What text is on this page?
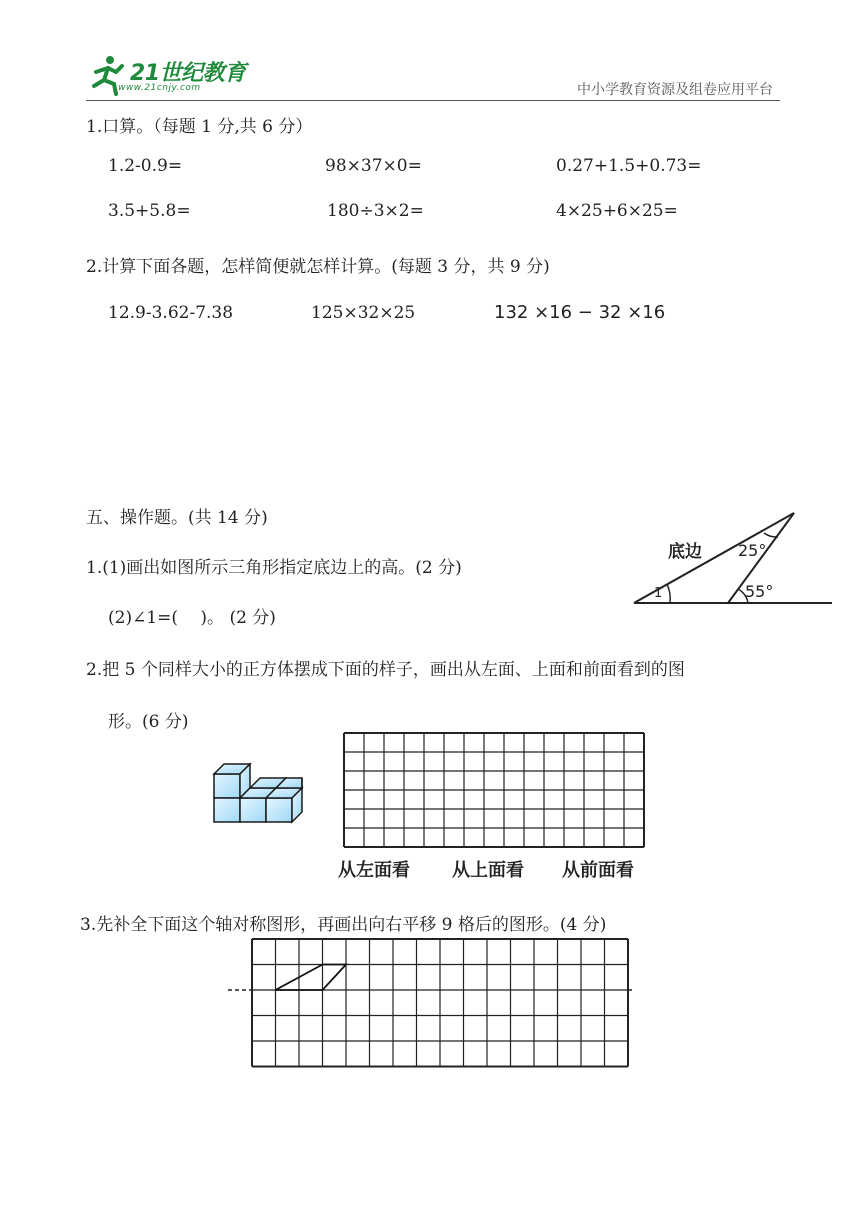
21世纪教育
www.21cnjy.com	中小学教育资源及组卷应用平台
1.口算。（每题 1 分,共 6 分）
1.2-0.9=	98×37×0=	0.27+1.5+0.73=
3.5+5.8=	180÷3×2=	4×25+6×25=
2.计算下面各题，怎样简便就怎样计算。(每题 3 分，共 9 分)
12.9-3.62-7.38	125×32×25	132 ×16 − 32 ×16
五、操作题。(共 14 分)
1.(1)画出如图所示三角形指定底边上的高。(2 分)
(2)∠1=(　 )。 (2 分)
底边 25°
55°
1
2.把 5 个同样大小的正方体摆成下面的样子，画出从左面、上面和前面看到的图
形。(6 分)
从左面看 从上面看 从前面看
3.先补全下面这个轴对称图形，再画出向右平移 9 格后的图形。(4 分)
